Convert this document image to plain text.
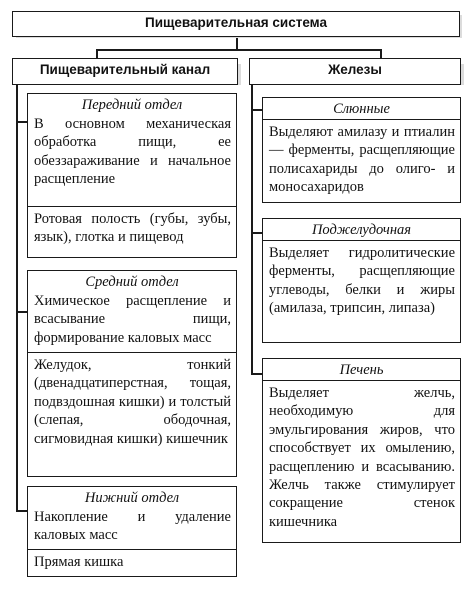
Пищеварительная система
Пищеварительный канал	Железы
Передний отдел
В основном механическая обработка пищи, ее обеззараживание и начальное расщепление
Ротовая полость (губы, зубы, язык), глотка и пищевод
Средний отдел
Химическое расщепление и всасывание пищи, формирование каловых масс
Желудок, тонкий (двенадцатиперстная, тощая, подвздошная кишки) и толстый (слепая, ободочная, сигмовидная кишки) кишечник
Нижний отдел
Накопление и удаление каловых масс
Прямая кишка
Слюнные
Выделяют амилазу и птиалин — ферменты, расщепляющие полисахариды до олиго- и моносахаридов
Поджелудочная
Выделяет гидролитические ферменты, расщепляющие углеводы, белки и жиры (амилаза, трипсин, липаза)
Печень
Выделяет желчь, необходимую для эмульгирования жиров, что способствует их омылению, расщеплению и всасыванию. Желчь также стимулирует сокращение стенок кишечника
